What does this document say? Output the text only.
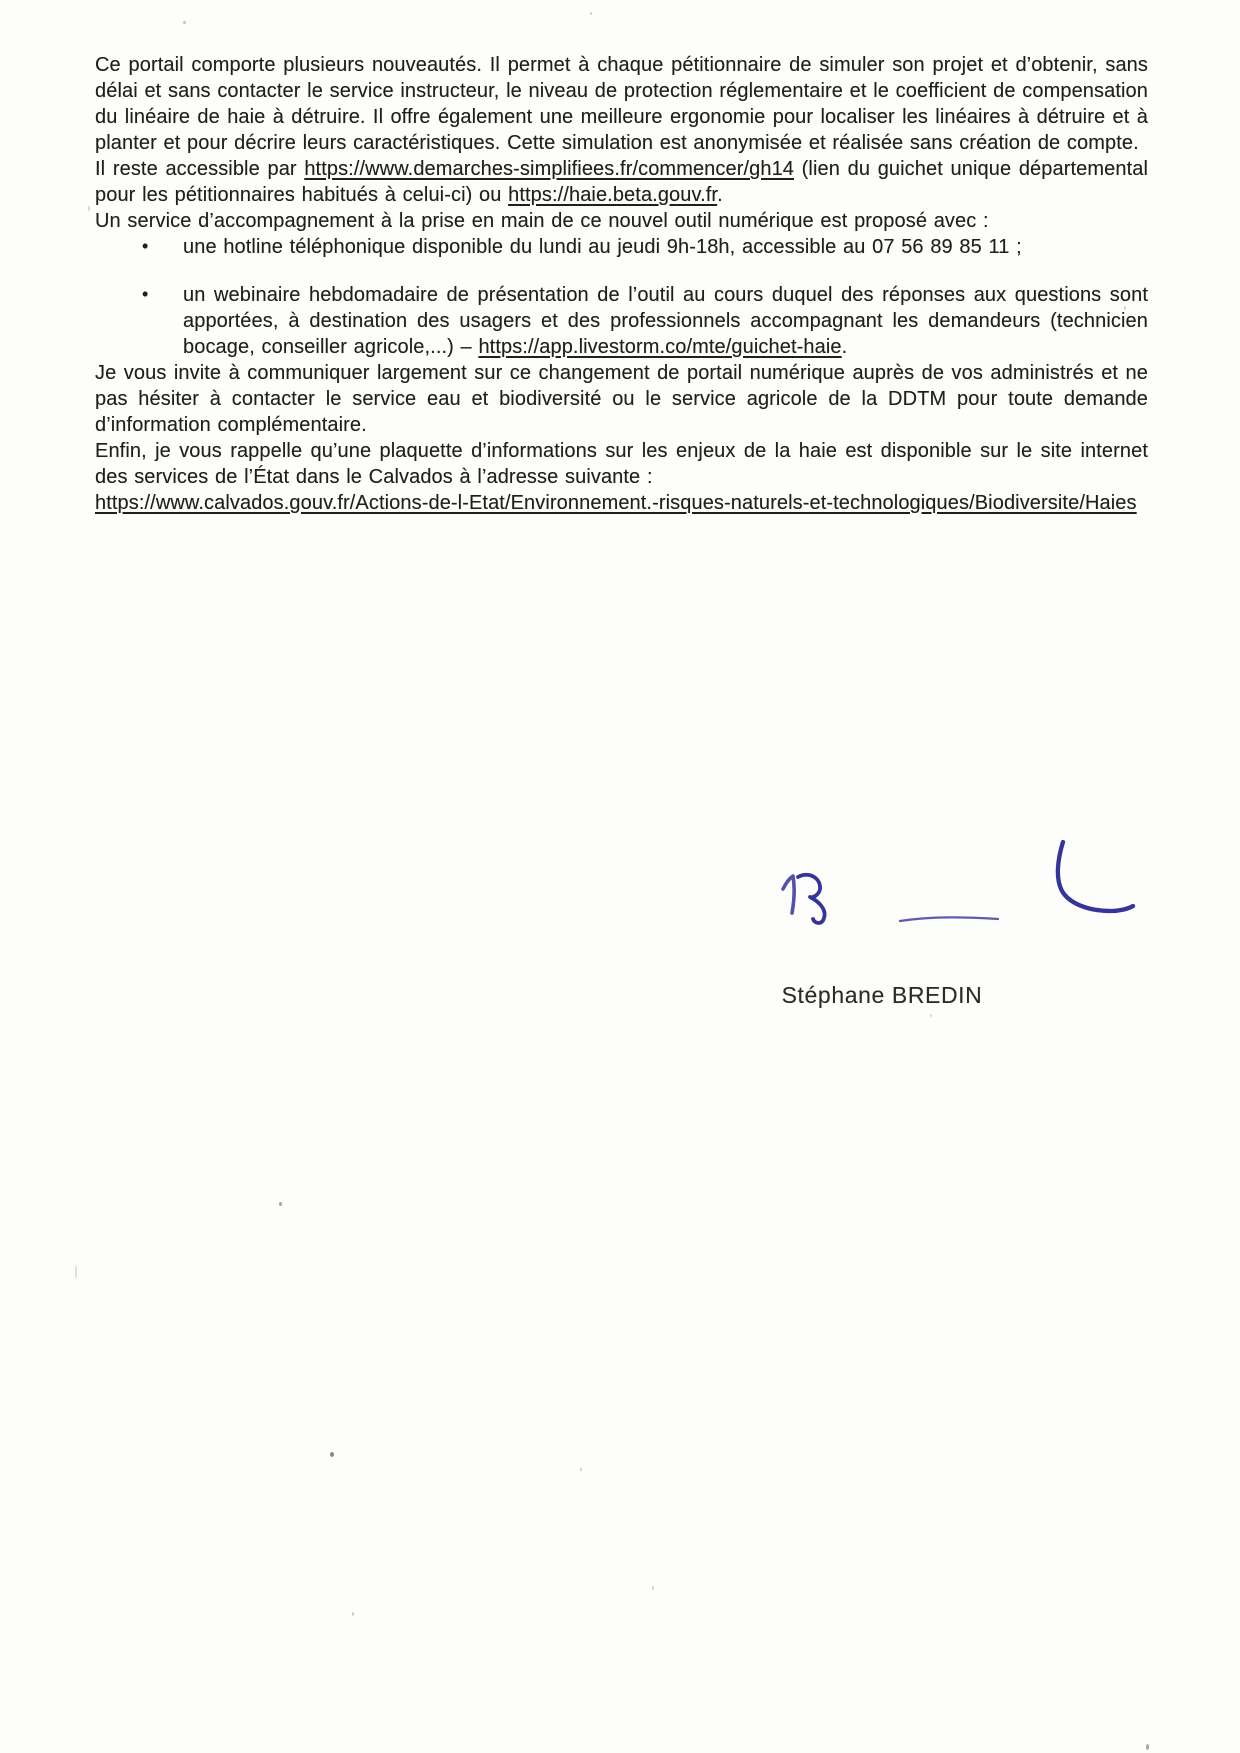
Ce portail comporte plusieurs nouveautés. Il permet à chaque pétitionnaire de simuler son projet et d’obtenir, sans délai et sans contacter le service instructeur, le niveau de protection réglementaire et le coefficient de compensation du linéaire de haie à détruire. Il offre également une meilleure ergonomie pour localiser les linéaires à détruire et à planter et pour décrire leurs caractéristiques. Cette simulation est anonymisée et réalisée sans création de compte.

Il reste accessible par https://www.demarches-simplifiees.fr/commencer/gh14 (lien du guichet unique départemental pour les pétitionnaires habitués à celui-ci) ou https://haie.beta.gouv.fr.

Un service d’accompagnement à la prise en main de ce nouvel outil numérique est proposé avec :

• une hotline téléphonique disponible du lundi au jeudi 9h-18h, accessible au 07 56 89 85 11 ;
• un webinaire hebdomadaire de présentation de l’outil au cours duquel des réponses aux questions sont apportées, à destination des usagers et des professionnels accompagnant les demandeurs (technicien bocage, conseiller agricole,...) – https://app.livestorm.co/mte/guichet-haie.

Je vous invite à communiquer largement sur ce changement de portail numérique auprès de vos administrés et ne pas hésiter à contacter le service eau et biodiversité ou le service agricole de la DDTM pour toute demande d’information complémentaire.

Enfin, je vous rappelle qu’une plaquette d’informations sur les enjeux de la haie est disponible sur le site internet des services de l’État dans le Calvados à l’adresse suivante :

https://www.calvados.gouv.fr/Actions-de-l-Etat/Environnement.-risques-naturels-et-technologiques/Biodiversite/Haies

Stéphane BREDIN
